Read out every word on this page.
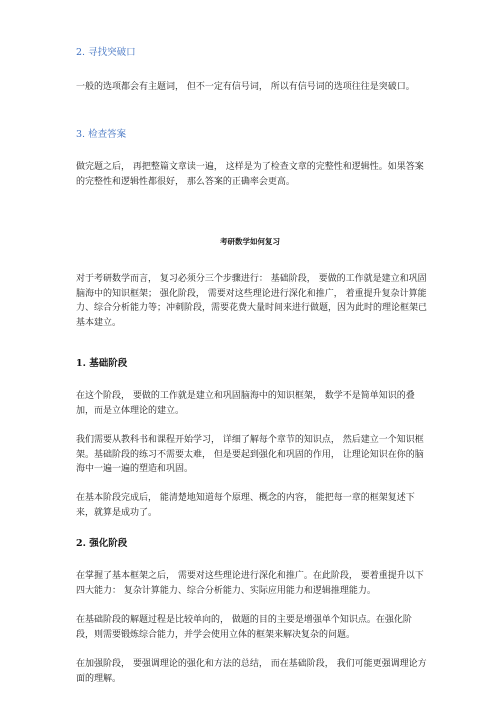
2. 寻找突破口
一般的选项都会有主题词， 但不一定有信号词， 所以有信号词的选项往往是突破口。
3. 检查答案
做完题之后， 再把整篇文章读一遍， 这样是为了检查文章的完整性和逻辑性。如果答案的完整性和逻辑性都很好， 那么答案的正确率会更高。
考研数学如何复习
对于考研数学而言， 复习必须分三个步骤进行： 基础阶段， 要做的工作就是建立和巩固脑海中的知识框架； 强化阶段， 需要对这些理论进行深化和推广， 着重提升复杂计算能力、综合分析能力等；冲刺阶段，需要花费大量时间来进行做题，因为此时的理论框架已基本建立。
1. 基础阶段
在这个阶段， 要做的工作就是建立和巩固脑海中的知识框架， 数学不是简单知识的叠加，而是立体理论的建立。
我们需要从教科书和课程开始学习， 详细了解每个章节的知识点， 然后建立一个知识框架。基础阶段的练习不需要太难， 但是要起到强化和巩固的作用， 让理论知识在你的脑海中一遍一遍的塑造和巩固。
在基本阶段完成后， 能清楚地知道每个原理、概念的内容， 能把每一章的框架复述下来，就算是成功了。
2. 强化阶段
在掌握了基本框架之后， 需要对这些理论进行深化和推广。在此阶段， 要着重提升以下四大能力： 复杂计算能力、综合分析能力、实际应用能力和逻辑推理能力。
在基础阶段的解题过程是比较单向的， 做题的目的主要是增强单个知识点。在强化阶段，则需要锻炼综合能力，并学会使用立体的框架来解决复杂的问题。
在加强阶段， 要强调理论的强化和方法的总结， 而在基础阶段， 我们可能更强调理论方面的理解。
